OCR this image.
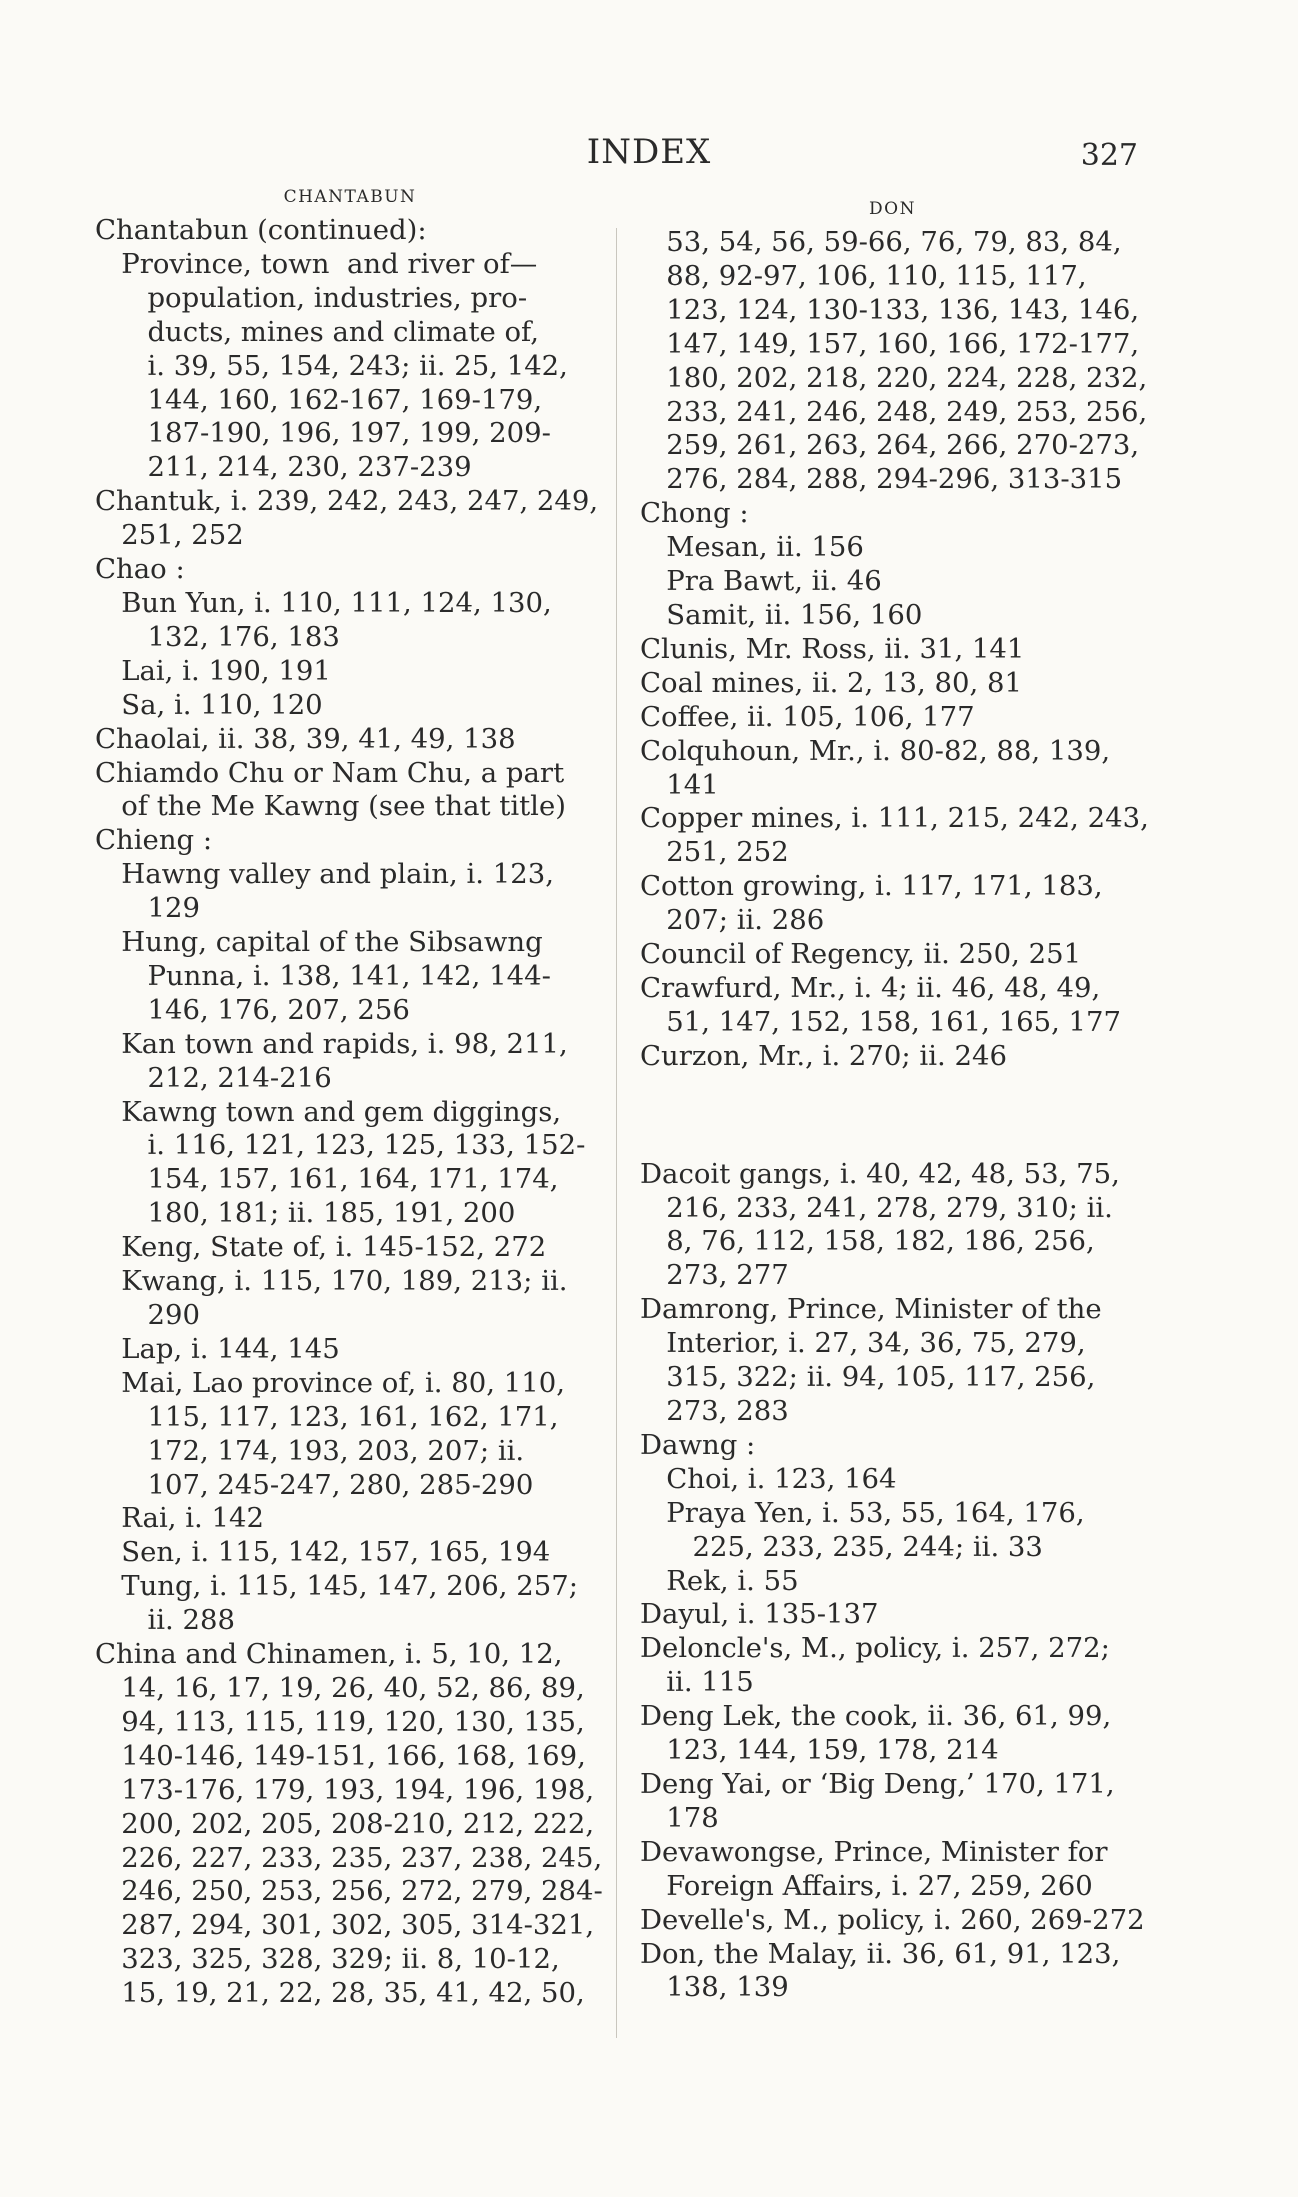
INDEX	327
CHANTABUN
Chantabun (continued):
Province, town  and river of—
population, industries, pro-
ducts, mines and climate of,
i. 39, 55, 154, 243; ii. 25, 142,
144, 160, 162-167, 169-179,
187-190, 196, 197, 199, 209-
211, 214, 230, 237-239
Chantuk, i. 239, 242, 243, 247, 249,
251, 252
Chao :
Bun Yun, i. 110, 111, 124, 130,
132, 176, 183
Lai, i. 190, 191
Sa, i. 110, 120
Chaolai, ii. 38, 39, 41, 49, 138
Chiamdo Chu or Nam Chu, a part
of the Me Kawng (see that title)
Chieng :
Hawng valley and plain, i. 123,
129
Hung, capital of the Sibsawng
Punna, i. 138, 141, 142, 144-
146, 176, 207, 256
Kan town and rapids, i. 98, 211,
212, 214-216
Kawng town and gem diggings,
i. 116, 121, 123, 125, 133, 152-
154, 157, 161, 164, 171, 174,
180, 181; ii. 185, 191, 200
Keng, State of, i. 145-152, 272
Kwang, i. 115, 170, 189, 213; ii.
290
Lap, i. 144, 145
Mai, Lao province of, i. 80, 110,
115, 117, 123, 161, 162, 171,
172, 174, 193, 203, 207; ii.
107, 245-247, 280, 285-290
Rai, i. 142
Sen, i. 115, 142, 157, 165, 194
Tung, i. 115, 145, 147, 206, 257;
ii. 288
China and Chinamen, i. 5, 10, 12,
14, 16, 17, 19, 26, 40, 52, 86, 89,
94, 113, 115, 119, 120, 130, 135,
140-146, 149-151, 166, 168, 169,
173-176, 179, 193, 194, 196, 198,
200, 202, 205, 208-210, 212, 222,
226, 227, 233, 235, 237, 238, 245,
246, 250, 253, 256, 272, 279, 284-
287, 294, 301, 302, 305, 314-321,
323, 325, 328, 329; ii. 8, 10-12,
15, 19, 21, 22, 28, 35, 41, 42, 50,
DON
53, 54, 56, 59-66, 76, 79, 83, 84,
88, 92-97, 106, 110, 115, 117,
123, 124, 130-133, 136, 143, 146,
147, 149, 157, 160, 166, 172-177,
180, 202, 218, 220, 224, 228, 232,
233, 241, 246, 248, 249, 253, 256,
259, 261, 263, 264, 266, 270-273,
276, 284, 288, 294-296, 313-315
Chong :
Mesan, ii. 156
Pra Bawt, ii. 46
Samit, ii. 156, 160
Clunis, Mr. Ross, ii. 31, 141
Coal mines, ii. 2, 13, 80, 81
Coffee, ii. 105, 106, 177
Colquhoun, Mr., i. 80-82, 88, 139,
141
Copper mines, i. 111, 215, 242, 243,
251, 252
Cotton growing, i. 117, 171, 183,
207; ii. 286
Council of Regency, ii. 250, 251
Crawfurd, Mr., i. 4; ii. 46, 48, 49,
51, 147, 152, 158, 161, 165, 177
Curzon, Mr., i. 270; ii. 246
Dacoit gangs, i. 40, 42, 48, 53, 75,
216, 233, 241, 278, 279, 310; ii.
8, 76, 112, 158, 182, 186, 256,
273, 277
Damrong, Prince, Minister of the
Interior, i. 27, 34, 36, 75, 279,
315, 322; ii. 94, 105, 117, 256,
273, 283
Dawng :
Choi, i. 123, 164
Praya Yen, i. 53, 55, 164, 176,
225, 233, 235, 244; ii. 33
Rek, i. 55
Dayul, i. 135-137
Deloncle's, M., policy, i. 257, 272;
ii. 115
Deng Lek, the cook, ii. 36, 61, 99,
123, 144, 159, 178, 214
Deng Yai, or ‘Big Deng,’ 170, 171,
178
Devawongse, Prince, Minister for
Foreign Affairs, i. 27, 259, 260
Develle's, M., policy, i. 260, 269-272
Don, the Malay, ii. 36, 61, 91, 123,
138, 139
